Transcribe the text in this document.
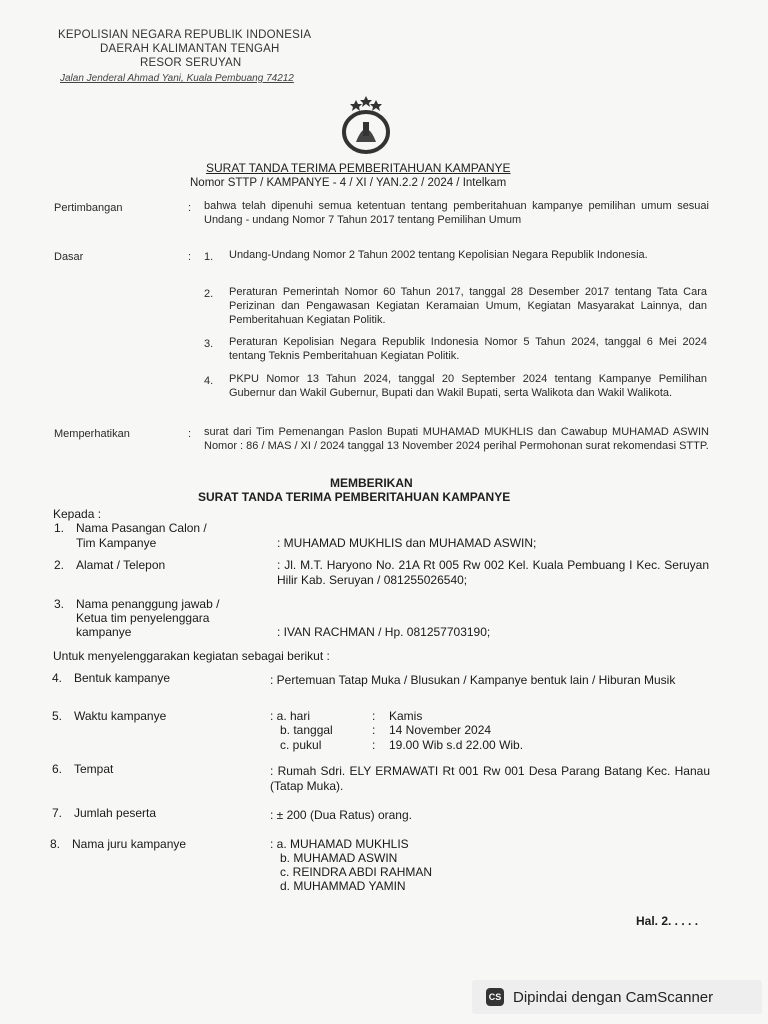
KEPOLISIAN NEGARA REPUBLIK INDONESIA
DAERAH KALIMANTAN TENGAH
RESOR SERUYAN
Jalan Jenderal Ahmad Yani, Kuala Pembuang 74212
SURAT TANDA TERIMA PEMBERITAHUAN KAMPANYE
Nomor STTP / KAMPANYE - 4 / XI / YAN.2.2 / 2024 / Intelkam
Pertimbangan	: bahwa telah dipenuhi semua ketentuan tentang pemberitahuan kampanye pemilihan umum sesuai Undang - undang Nomor 7 Tahun 2017 tentang Pemilihan Umum
Dasar	: 1. Undang-Undang Nomor 2 Tahun 2002 tentang Kepolisian Negara Republik Indonesia.
2. Peraturan Pemerintah Nomor 60 Tahun 2017, tanggal 28 Desember 2017 tentang Tata Cara Perizinan dan Pengawasan Kegiatan Keramaian Umum, Kegiatan Masyarakat Lainnya, dan Pemberitahuan Kegiatan Politik.
3. Peraturan Kepolisian Negara Republik Indonesia Nomor 5 Tahun 2024, tanggal 6 Mei 2024 tentang Teknis Pemberitahuan Kegiatan Politik.
4. PKPU Nomor 13 Tahun 2024, tanggal 20 September 2024 tentang Kampanye Pemilihan Gubernur dan Wakil Gubernur, Bupati dan Wakil Bupati, serta Walikota dan Wakil Walikota.
Memperhatikan	: surat dari Tim Pemenangan Paslon Bupati MUHAMAD MUKHLIS dan Cawabup MUHAMAD ASWIN Nomor : 86 / MAS / XI / 2024 tanggal 13 November 2024 perihal Permohonan surat rekomendasi STTP.
MEMBERIKAN
SURAT TANDA TERIMA PEMBERITAHUAN KAMPANYE
Kepada :
1. Nama Pasangan Calon /
Tim Kampanye	: MUHAMAD MUKHLIS dan MUHAMAD ASWIN;
2. Alamat / Telepon	: Jl. M.T. Haryono No. 21A Rt 005 Rw 002 Kel. Kuala Pembuang I Kec. Seruyan Hilir Kab. Seruyan / 081255026540;
3. Nama penanggung jawab /
Ketua tim penyelenggara
kampanye	: IVAN RACHMAN / Hp. 081257703190;
Untuk menyelenggarakan kegiatan sebagai berikut :
4. Bentuk kampanye	: Pertemuan Tatap Muka / Blusukan / Kampanye bentuk lain / Hiburan Musik
5. Waktu kampanye	: a. hari	: Kamis
b. tanggal	: 14 November 2024
c. pukul	: 19.00 Wib s.d 22.00 Wib.
6. Tempat	: Rumah Sdri. ELY ERMAWATI Rt 001 Rw 001 Desa Parang Batang Kec. Hanau (Tatap Muka).
7. Jumlah peserta	: ± 200 (Dua Ratus) orang.
8. Nama juru kampanye	: a. MUHAMAD MUKHLIS
b. MUHAMAD ASWIN
c. REINDRA ABDI RAHMAN
d. MUHAMMAD YAMIN
Hal. 2. . . . .
CS Dipindai dengan CamScanner
